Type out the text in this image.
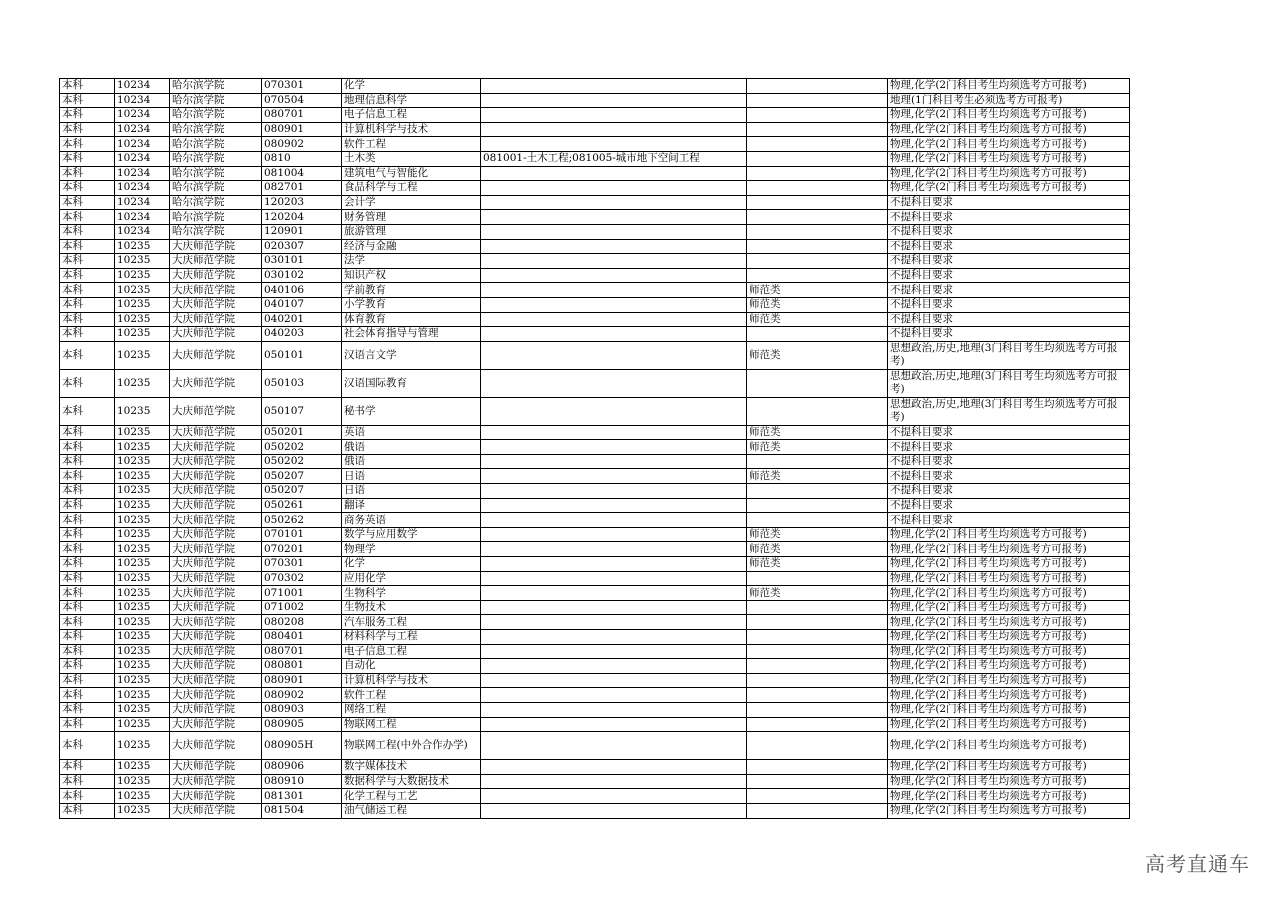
本科	10234	哈尔滨学院	070301	化学			物理,化学(2门科目考生均须选考方可报考)
本科	10234	哈尔滨学院	070504	地理信息科学			地理(1门科目考生必须选考方可报考)
本科	10234	哈尔滨学院	080701	电子信息工程			物理,化学(2门科目考生均须选考方可报考)
本科	10234	哈尔滨学院	080901	计算机科学与技术			物理,化学(2门科目考生均须选考方可报考)
本科	10234	哈尔滨学院	080902	软件工程			物理,化学(2门科目考生均须选考方可报考)
本科	10234	哈尔滨学院	0810	土木类	081001-土木工程;081005-城市地下空间工程		物理,化学(2门科目考生均须选考方可报考)
本科	10234	哈尔滨学院	081004	建筑电气与智能化			物理,化学(2门科目考生均须选考方可报考)
本科	10234	哈尔滨学院	082701	食品科学与工程			物理,化学(2门科目考生均须选考方可报考)
本科	10234	哈尔滨学院	120203	会计学			不提科目要求
本科	10234	哈尔滨学院	120204	财务管理			不提科目要求
本科	10234	哈尔滨学院	120901	旅游管理			不提科目要求
本科	10235	大庆师范学院	020307	经济与金融			不提科目要求
本科	10235	大庆师范学院	030101	法学			不提科目要求
本科	10235	大庆师范学院	030102	知识产权			不提科目要求
本科	10235	大庆师范学院	040106	学前教育		师范类	不提科目要求
本科	10235	大庆师范学院	040107	小学教育		师范类	不提科目要求
本科	10235	大庆师范学院	040201	体育教育		师范类	不提科目要求
本科	10235	大庆师范学院	040203	社会体育指导与管理			不提科目要求
本科	10235	大庆师范学院	050101	汉语言文学		师范类	思想政治,历史,地理(3门科目考生均须选考方可报考)
本科	10235	大庆师范学院	050103	汉语国际教育			思想政治,历史,地理(3门科目考生均须选考方可报考)
本科	10235	大庆师范学院	050107	秘书学			思想政治,历史,地理(3门科目考生均须选考方可报考)
本科	10235	大庆师范学院	050201	英语		师范类	不提科目要求
本科	10235	大庆师范学院	050202	俄语		师范类	不提科目要求
本科	10235	大庆师范学院	050202	俄语			不提科目要求
本科	10235	大庆师范学院	050207	日语		师范类	不提科目要求
本科	10235	大庆师范学院	050207	日语			不提科目要求
本科	10235	大庆师范学院	050261	翻译			不提科目要求
本科	10235	大庆师范学院	050262	商务英语			不提科目要求
本科	10235	大庆师范学院	070101	数学与应用数学		师范类	物理,化学(2门科目考生均须选考方可报考)
本科	10235	大庆师范学院	070201	物理学		师范类	物理,化学(2门科目考生均须选考方可报考)
本科	10235	大庆师范学院	070301	化学		师范类	物理,化学(2门科目考生均须选考方可报考)
本科	10235	大庆师范学院	070302	应用化学			物理,化学(2门科目考生均须选考方可报考)
本科	10235	大庆师范学院	071001	生物科学		师范类	物理,化学(2门科目考生均须选考方可报考)
本科	10235	大庆师范学院	071002	生物技术			物理,化学(2门科目考生均须选考方可报考)
本科	10235	大庆师范学院	080208	汽车服务工程			物理,化学(2门科目考生均须选考方可报考)
本科	10235	大庆师范学院	080401	材料科学与工程			物理,化学(2门科目考生均须选考方可报考)
本科	10235	大庆师范学院	080701	电子信息工程			物理,化学(2门科目考生均须选考方可报考)
本科	10235	大庆师范学院	080801	自动化			物理,化学(2门科目考生均须选考方可报考)
本科	10235	大庆师范学院	080901	计算机科学与技术			物理,化学(2门科目考生均须选考方可报考)
本科	10235	大庆师范学院	080902	软件工程			物理,化学(2门科目考生均须选考方可报考)
本科	10235	大庆师范学院	080903	网络工程			物理,化学(2门科目考生均须选考方可报考)
本科	10235	大庆师范学院	080905	物联网工程			物理,化学(2门科目考生均须选考方可报考)
本科	10235	大庆师范学院	080905H	物联网工程(中外合作办学)			物理,化学(2门科目考生均须选考方可报考)
本科	10235	大庆师范学院	080906	数字媒体技术			物理,化学(2门科目考生均须选考方可报考)
本科	10235	大庆师范学院	080910	数据科学与大数据技术			物理,化学(2门科目考生均须选考方可报考)
本科	10235	大庆师范学院	081301	化学工程与工艺			物理,化学(2门科目考生均须选考方可报考)
本科	10235	大庆师范学院	081504	油气储运工程			物理,化学(2门科目考生均须选考方可报考)
高考直通车
